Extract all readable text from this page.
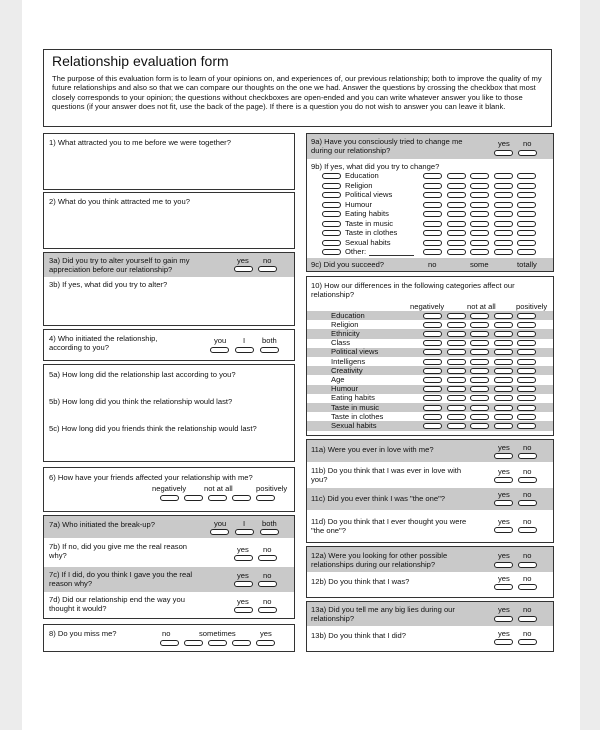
Relationship evaluation form
The purpose of this evaluation form is to learn of your opinions on, and experiences of, our previous relationship; both to improve the quality of my future relationships and also so that we can compare our thoughts on the one we had. Answer the questions by crossing the checkbox that most closely corresponds to your opinion; the questions without checkboxes are open-ended and you can write whatever answer you like to those questions (if your answer does not fit, use the back of the page). If there is a question you do not wish to answer you can leave it blank.
1) What attracted you to me before we were together?
2) What do you think attracted me to you?
3a) Did you try to alter yourself to gain my appreciation before our relationship?
yes no
3b) If yes, what did you try to alter?
4) Who initiated the relationship, according to you?
you I both
5a) How long did the relationship last according to you?
5b) How long did you think the relationship would last?
5c) How long did you friends think the relationship would last?
6) How have your friends affected your relationship with me?
negatively not at all	positively
7a) Who initiated the break-up?	you I both
7b) If no, did you give me the real reason why?
yes no
7c) If I did, do you think I gave you the real reason why?
yes no
7d) Did our relationship end the way you thought it would?
yes no
8) Do you miss me?	no	sometimes	yes
9a) Have you consciously tried to change me during our relationship?
yes no
9b) If yes, what did you try to change?
9c) Did you succeed?	no	some	totally
Education
Religion
Political views
Humour
Eating habits
Taste in music
Taste in clothes
Sexual habits
Other:
10) How our differences in the following categories affect our relationship?
negatively	not at all	positively
Education
Religion
Ethnicity
Class
Political views
Intelligens
Creativity
Age
Humour
Eating habits
Taste in music
Taste in clothes
Sexual habits
11a) Were you ever in love with me?	yes no
11b) Do you think that I was ever in love with you?
yes no
11c) Did you ever think I was "the one"?	yes no
11d) Do you think that I ever thought you were "the one"?
yes no
12a) Were you looking for other possible relationships during our relationship?
yes no
12b) Do you think that I was?	yes no
13a) Did you tell me any big lies during our relationship?
yes no
13b) Do you think that I did?	yes no
